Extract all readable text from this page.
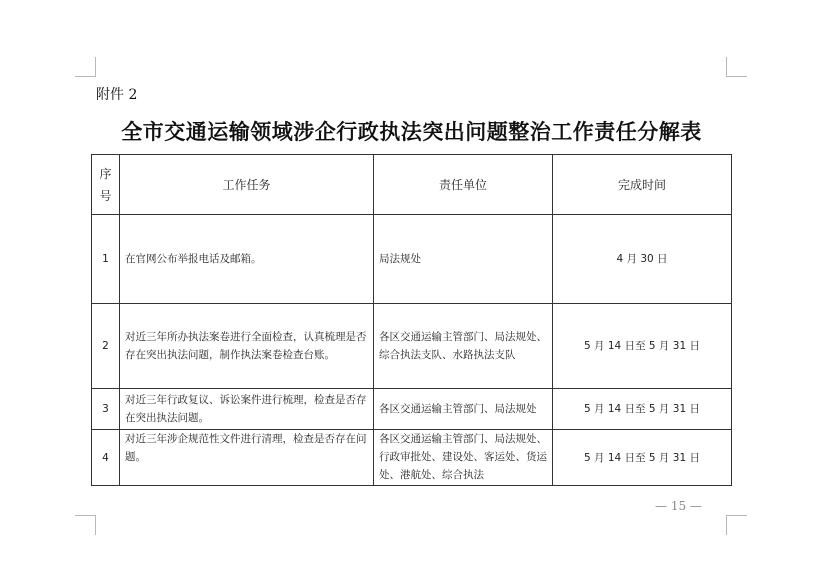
附件 2
全市交通运输领域涉企行政执法突出问题整治工作责任分解表
序
号	工作任务	责任单位	完成时间
1	在官网公布举报电话及邮箱。	局法规处	4 月 30 日
2	对近三年所办执法案卷进行全面检查，认真梳理是否存在突出执法问题，制作执法案卷检查台账。	各区交通运输主管部门、局法规处、综合执法支队、水路执法支队	5 月 14 日至 5 月 31 日
3	对近三年行政复议、诉讼案件进行梳理，检查是否存在突出执法问题。	各区交通运输主管部门、局法规处	5 月 14 日至 5 月 31 日
4	对近三年涉企规范性文件进行清理，检查是否存在问题。	各区交通运输主管部门、局法规处、行政审批处、建设处、客运处、货运处、港航处、综合执法	5 月 14 日至 5 月 31 日
— 15 —
